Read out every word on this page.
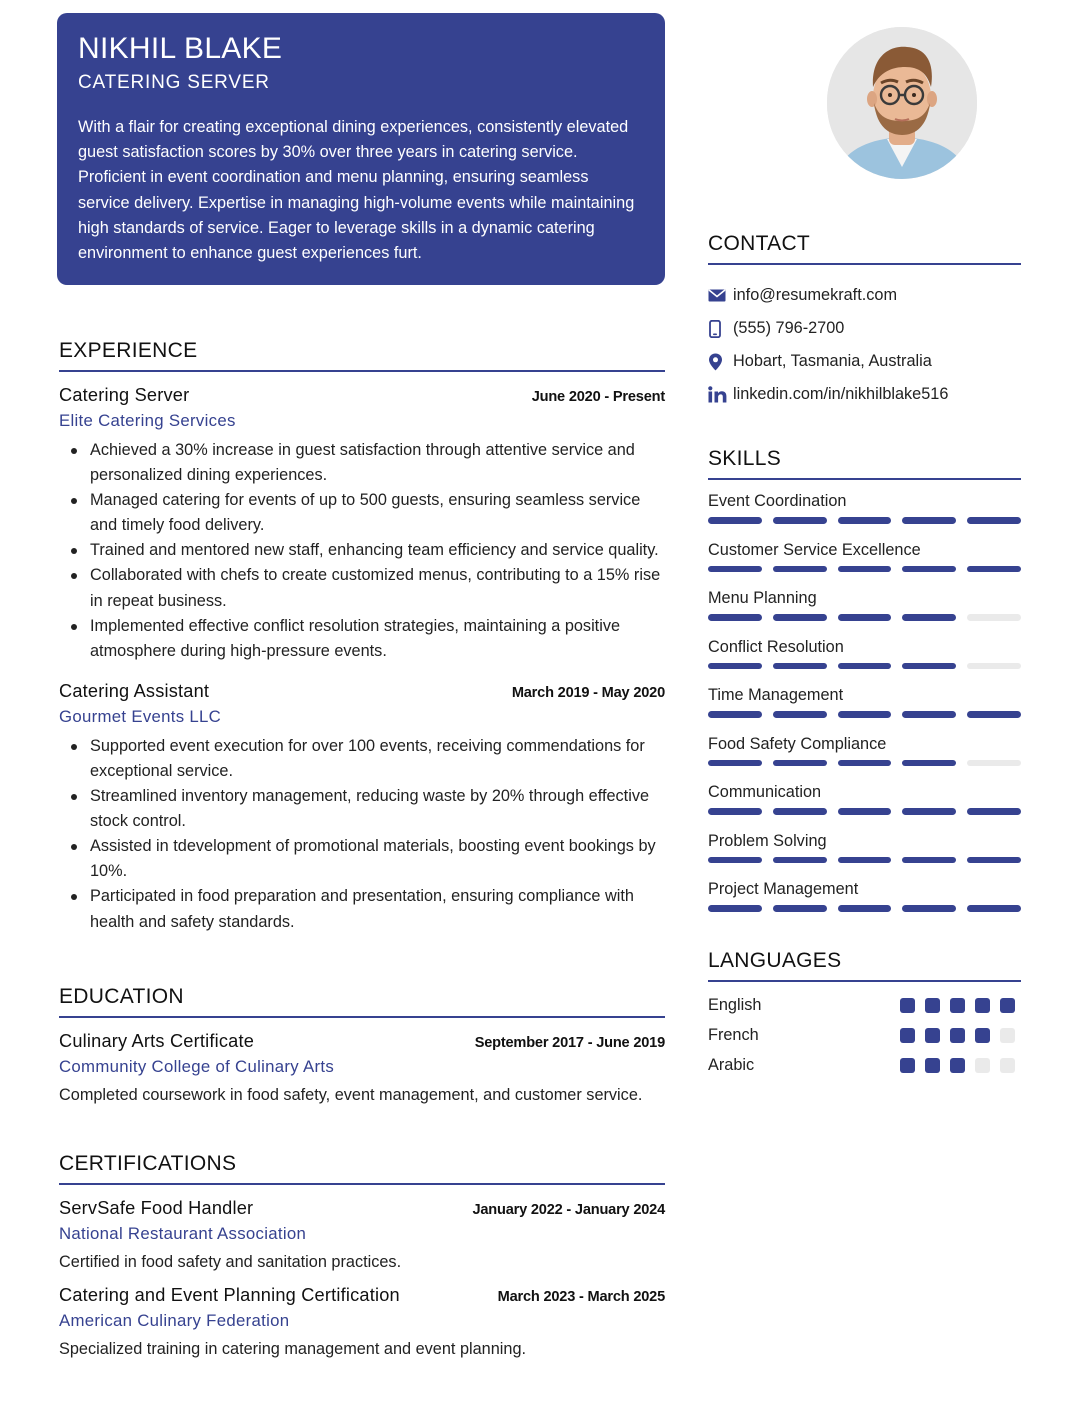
NIKHIL BLAKE
CATERING SERVER
With a flair for creating exceptional dining experiences, consistently elevated guest satisfaction scores by 30% over three years in catering service. Proficient in event coordination and menu planning, ensuring seamless service delivery. Expertise in managing high-volume events while maintaining high standards of service. Eager to leverage skills in a dynamic catering environment to enhance guest experiences furt.
EXPERIENCE
Catering Server	June 2020 - Present
Elite Catering Services
Achieved a 30% increase in guest satisfaction through attentive service and personalized dining experiences.
Managed catering for events of up to 500 guests, ensuring seamless service and timely food delivery.
Trained and mentored new staff, enhancing team efficiency and service quality.
Collaborated with chefs to create customized menus, contributing to a 15% rise in repeat business.
Implemented effective conflict resolution strategies, maintaining a positive atmosphere during high-pressure events.
Catering Assistant	March 2019 - May 2020
Gourmet Events LLC
Supported event execution for over 100 events, receiving commendations for exceptional service.
Streamlined inventory management, reducing waste by 20% through effective stock control.
Assisted in tdevelopment of promotional materials, boosting event bookings by 10%.
Participated in food preparation and presentation, ensuring compliance with health and safety standards.
EDUCATION
Culinary Arts Certificate	September 2017 - June 2019
Community College of Culinary Arts
Completed coursework in food safety, event management, and customer service.
CERTIFICATIONS
ServSafe Food Handler	January 2022 - January 2024
National Restaurant Association
Certified in food safety and sanitation practices.
Catering and Event Planning Certification	March 2023 - March 2025
American Culinary Federation
Specialized training in catering management and event planning.
CONTACT
info@resumekraft.com
(555) 796-2700
Hobart, Tasmania, Australia
linkedin.com/in/nikhilblake516
SKILLS
Event Coordination
Customer Service Excellence
Menu Planning
Conflict Resolution
Time Management
Food Safety Compliance
Communication
Problem Solving
Project Management
LANGUAGES
English
French
Arabic
